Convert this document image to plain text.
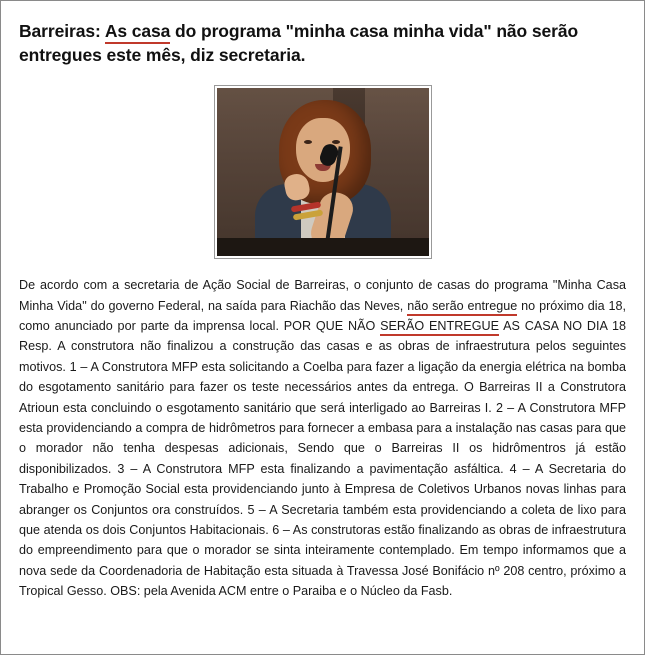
Barreiras: As casa do programa "minha casa minha vida" não serão entregues este mês, diz secretaria.

De acordo com a secretaria de Ação Social de Barreiras, o conjunto de casas do programa "Minha Casa Minha Vida" do governo Federal, na saída para Riachão das Neves, não serão entregue no próximo dia 18, como anunciado por parte da imprensa local. POR QUE NÃO SERÃO ENTREGUE AS CASA NO DIA 18 Resp. A construtora não finalizou a construção das casas e as obras de infraestrutura pelos seguintes motivos. 1 – A Construtora MFP esta solicitando a Coelba para fazer a ligação da energia elétrica na bomba do esgotamento sanitário para fazer os teste necessários antes da entrega. O Barreiras II a Construtora Atrioun esta concluindo o esgotamento sanitário que será interligado ao Barreiras I. 2 – A Construtora MFP esta providenciando a compra de hidrômetros para fornecer a embasa para a instalação nas casas para que o morador não tenha despesas adicionais, Sendo que o Barreiras II os hidrômentros já estão disponibilizados. 3 – A Construtora MFP esta finalizando a pavimentação asfáltica. 4 – A Secretaria do Trabalho e Promoção Social esta providenciando junto à Empresa de Coletivos Urbanos novas linhas para abranger os Conjuntos ora construídos. 5 – A Secretaria também esta providenciando a coleta de lixo para que atenda os dois Conjuntos Habitacionais. 6 – As construtoras estão finalizando as obras de infraestrutura do empreendimento para que o morador se sinta inteiramente contemplado. Em tempo informamos que a nova sede da Coordenadoria de Habitação esta situada à Travessa José Bonifácio nº 208 centro, próximo a Tropical Gesso. OBS: pela Avenida ACM entre o Paraiba e o Núcleo da Fasb.
